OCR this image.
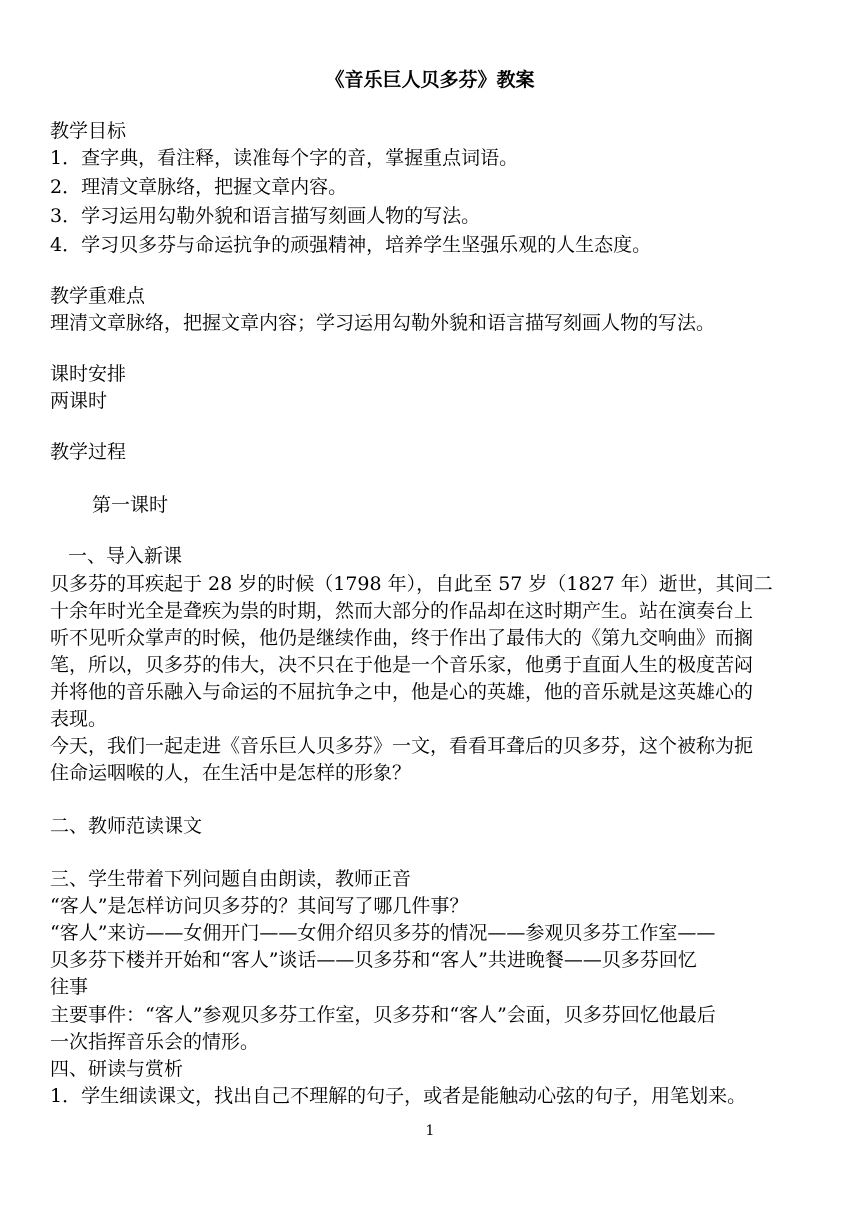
《音乐巨人贝多芬》教案
教学目标
1．查字典，看注释，读准每个字的音，掌握重点词语。
2．理清文章脉络，把握文章内容。
3．学习运用勾勒外貌和语言描写刻画人物的写法。
4．学习贝多芬与命运抗争的顽强精神，培养学生坚强乐观的人生态度。
教学重难点
理清文章脉络，把握文章内容；学习运用勾勒外貌和语言描写刻画人物的写法。
课时安排
两课时
教学过程
第一课时
一、导入新课
贝多芬的耳疾起于 28 岁的时候（1798 年），自此至 57 岁（1827 年）逝世，其间二
十余年时光全是聋疾为祟的时期，然而大部分的作品却在这时期产生。站在演奏台上
听不见听众掌声的时候，他仍是继续作曲，终于作出了最伟大的《第九交响曲》而搁
笔，所以，贝多芬的伟大，决不只在于他是一个音乐家，他勇于直面人生的极度苦闷
并将他的音乐融入与命运的不屈抗争之中，他是心的英雄，他的音乐就是这英雄心的
表现。
今天，我们一起走进《音乐巨人贝多芬》一文，看看耳聋后的贝多芬，这个被称为扼
住命运咽喉的人，在生活中是怎样的形象？
二、教师范读课文
三、学生带着下列问题自由朗读，教师正音
“客人”是怎样访问贝多芬的？其间写了哪几件事？
“客人”来访——女佣开门——女佣介绍贝多芬的情况——参观贝多芬工作室——
贝多芬下楼并开始和“客人”谈话——贝多芬和“客人”共进晚餐——贝多芬回忆
往事
主要事件：“客人”参观贝多芬工作室，贝多芬和“客人”会面，贝多芬回忆他最后
一次指挥音乐会的情形。
四、研读与赏析
1．学生细读课文，找出自己不理解的句子，或者是能触动心弦的句子，用笔划来。
1
